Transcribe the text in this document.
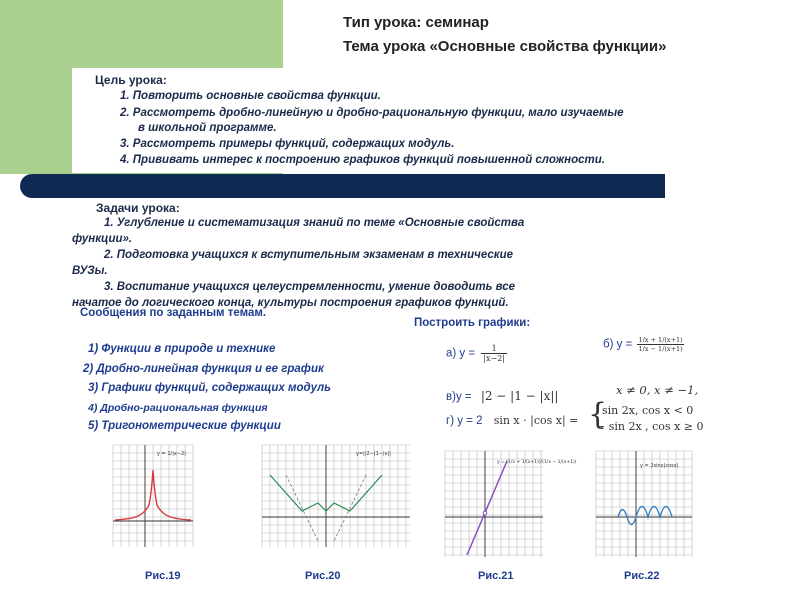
Тип урока: семинар
Тема урока «Основные свойства функции»
Цель урока:
1. Повторить основные свойства функции.
2. Рассмотреть дробно-линейную и дробно-рациональную функции, мало изучаемые
в школьной программе.
3. Рассмотреть примеры функций, содержащих модуль.
4. Прививать интерес к построению графиков функций повышенной сложности.
Задачи урока:
1. Углубление и систематизация знаний по теме «Основные свойства
функции».
2. Подготовка учащихся к вступительным экзаменам в технические
ВУЗы.
3. Воспитание учащихся целеустремленности, умение доводить все
начатое до логического конца, культуры построения графиков функций.
Сообщения по заданным темам.
1) Функции в природе и технике
2) Дробно-линейная функция и ее график
3) Графики функций, содержащих модуль
4) Дробно-рациональная функция
5) Тригонометрические функции
Построить графики:
а) $у = \frac{1}{|x-2|}$	б) $у = \frac{1/x + 1/(x+1)}{1/x - 1/(x+1)}$
x ≠ 0, x ≠ −1,
в)у = |2 − |1 − |x||
г) у = 2 sin x · |cos x| = {
sin 2x, cos x < 0
− sin 2x , cos x ≥ 0
y = 1/|x−2|	y=||2−|1−|x||
y = (1/x + 1/(x+1))/(1/x − 1/(x+1))
y = 2sinx|cosx|
Рис.19	Рис.20	Рис.21	Рис.22
